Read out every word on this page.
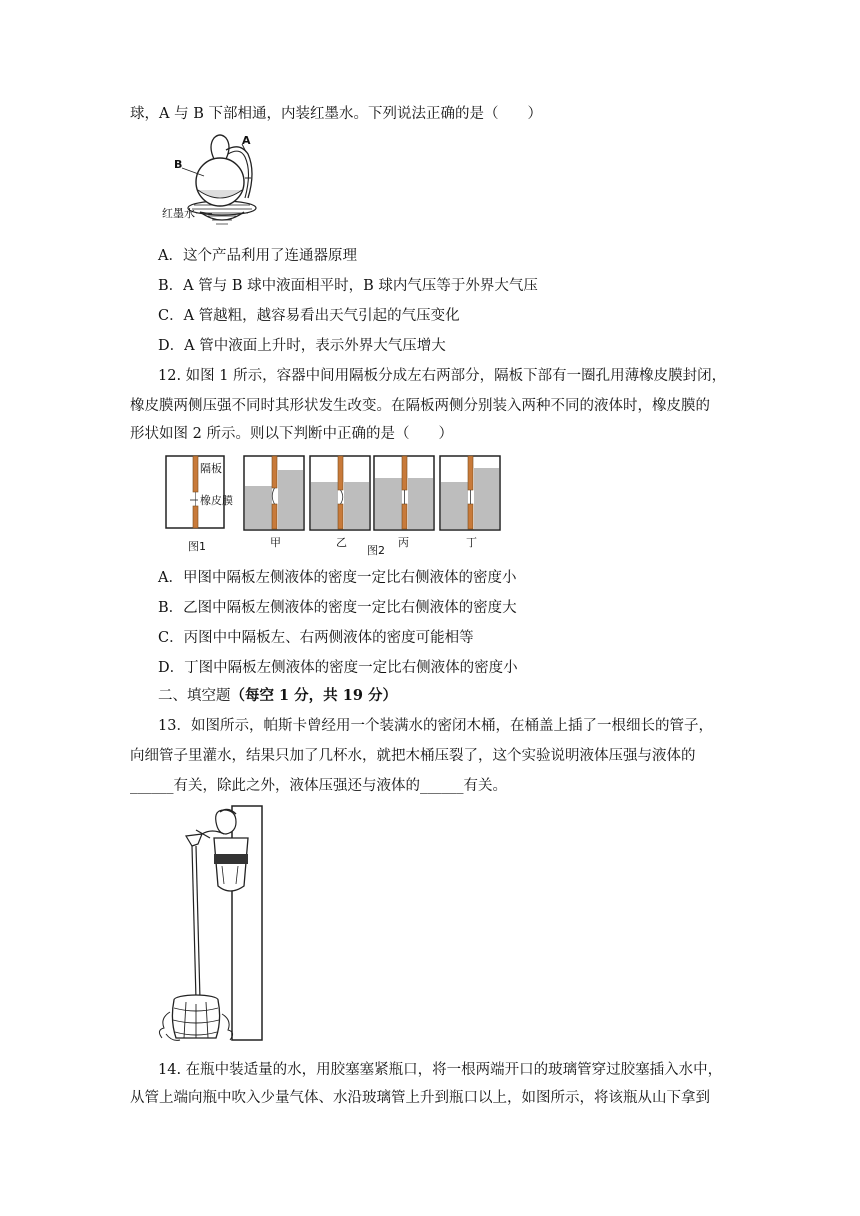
球，A 与 B 下部相通，内装红墨水。下列说法正确的是（　　）
A
B
红墨水
A．这个产品利用了连通器原理
B．A 管与 B 球中液面相平时，B 球内气压等于外界大气压
C．A 管越粗，越容易看出天气引起的气压变化
D．A 管中液面上升时，表示外界大气压增大
12. 如图 1 所示，容器中间用隔板分成左右两部分，隔板下部有一圈孔用薄橡皮膜封闭，
橡皮膜两侧压强不同时其形状发生改变。在隔板两侧分别装入两种不同的液体时，橡皮膜的
形状如图 2 所示。则以下判断中正确的是（　　）
隔板
橡皮膜
图1	甲	乙
图2
丙	丁
A．甲图中隔板左侧液体的密度一定比右侧液体的密度小
B．乙图中隔板左侧液体的密度一定比右侧液体的密度大
C．丙图中中隔板左、右两侧液体的密度可能相等
D．丁图中隔板左侧液体的密度一定比右侧液体的密度小
二、填空题（每空 1 分，共 19 分）
13．如图所示，帕斯卡曾经用一个装满水的密闭木桶，在桶盖上插了一根细长的管子，
向细管子里灌水，结果只加了几杯水，就把木桶压裂了，这个实验说明液体压强与液体的
______有关，除此之外，液体压强还与液体的______有关。
14. 在瓶中装适量的水，用胶塞塞紧瓶口，将一根两端开口的玻璃管穿过胶塞插入水中，
从管上端向瓶中吹入少量气体、水沿玻璃管上升到瓶口以上，如图所示，将该瓶从山下拿到
